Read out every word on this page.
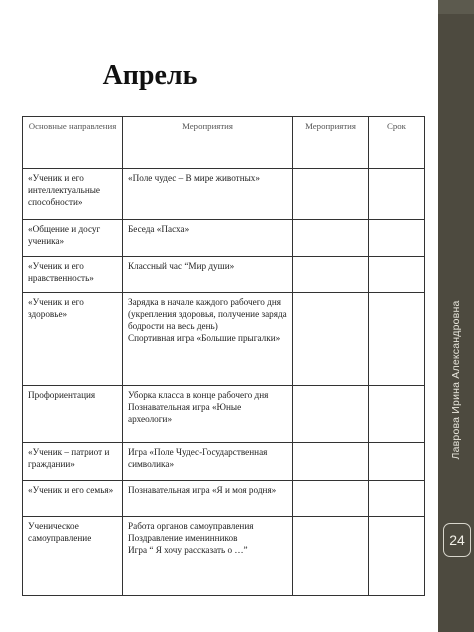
Лаврова Ирина Александровна
24
Апрель
Основные направления	Мероприятия	Мероприятия	Срок
«Ученик и его интеллектуальные способности»	«Поле чудес – В мире животных»		

«Общение и досуг ученика»	Беседа «Пасха»		

«Ученик и его нравственность»	Классный час “Мир души»		

«Ученик и его здоровье»	Зарядка в начале каждого рабочего дня (укрепления здоровья, получение заряда бодрости на весь день)
Спортивная игра «Большие прыгалки»		

Профориентация	Уборка класса в конце рабочего дня
Познавательная игра «Юные археологи»		

«Ученик – патриот и граждании»	Игра «Поле Чудес-Государственная символика»		

«Ученик и его семья»	Познавательная игра «Я и моя родня»		

Ученическое самоуправление	Работа органов самоуправления
Поздравление именинников
Игра “ Я хочу рассказать о …”		
